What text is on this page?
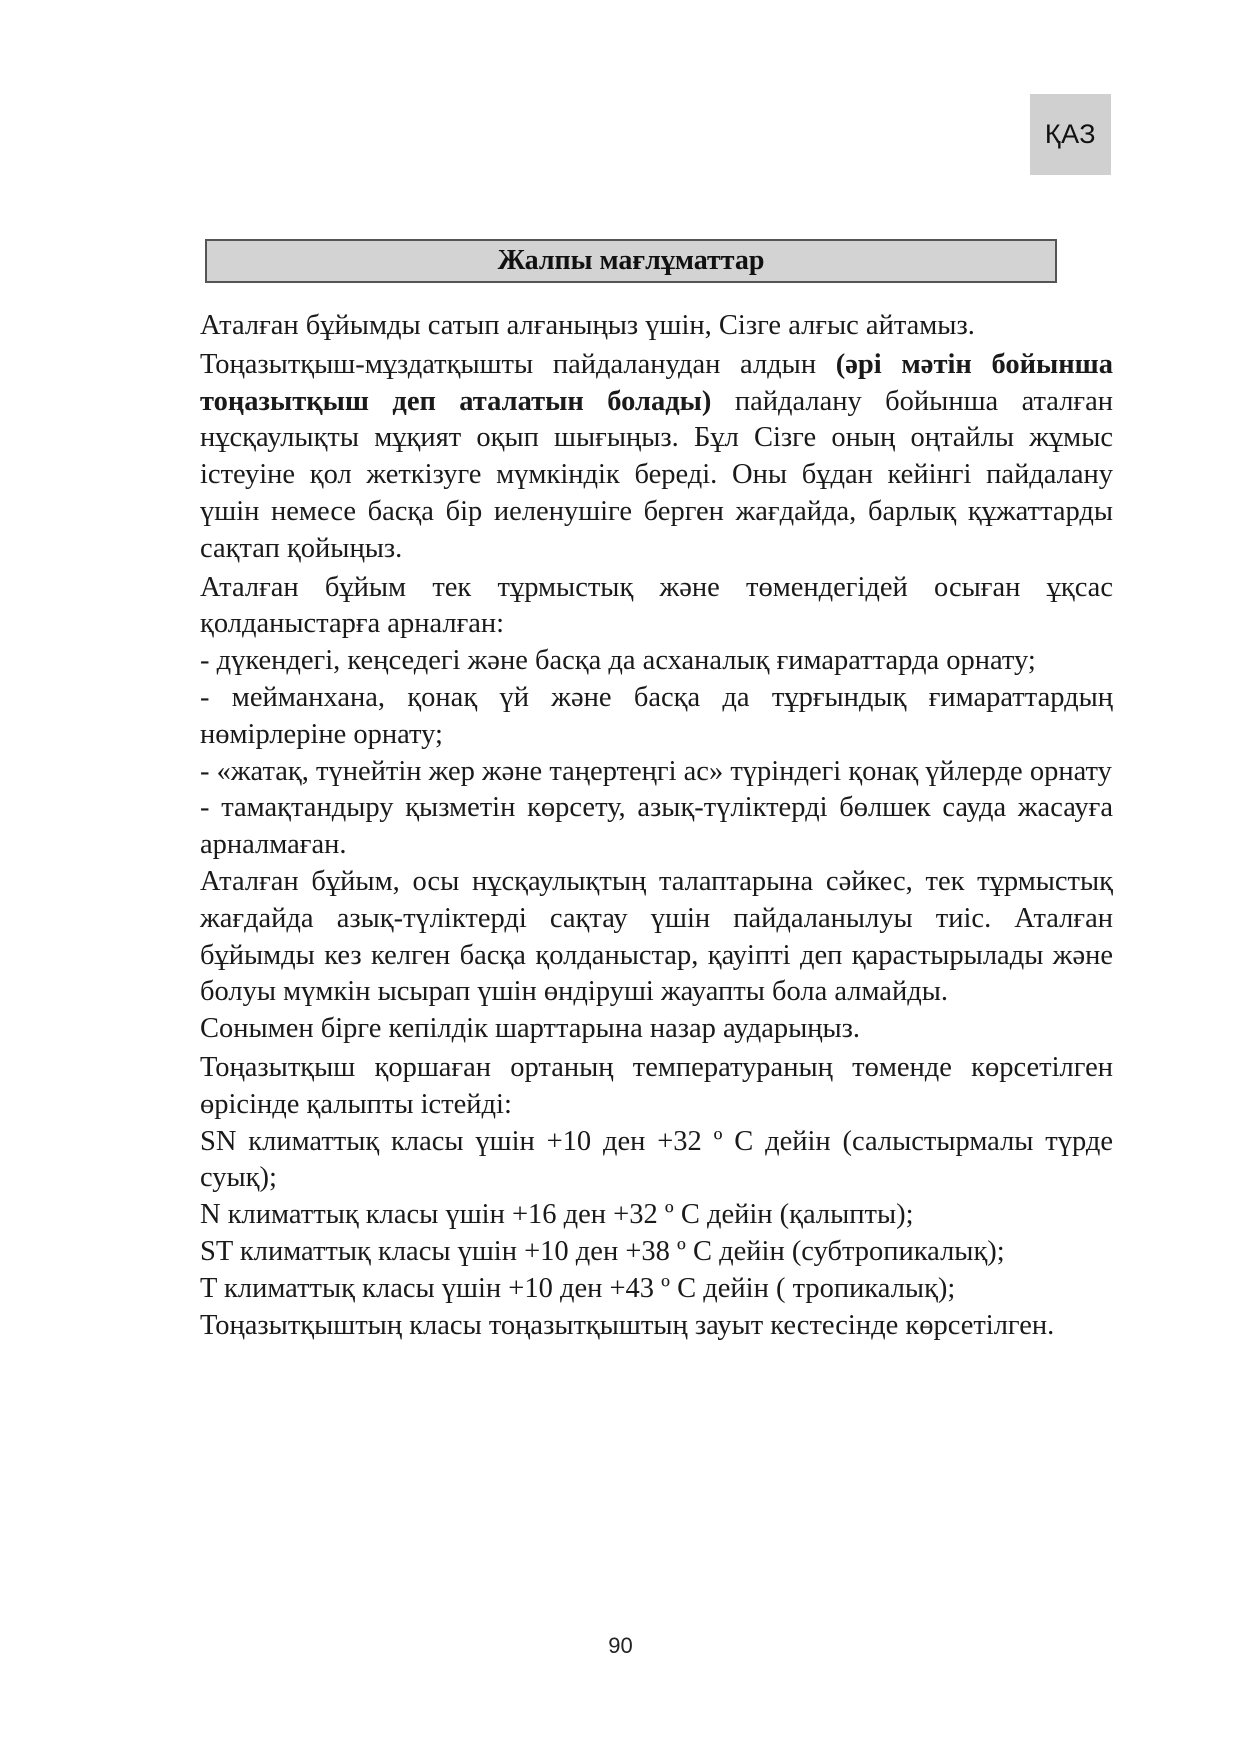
ҚАЗ
Жалпы мағлұматтар

Аталған бұйымды сатып алғаныңыз үшін, Сізге алғыс айтамыз.

Тоңазытқыш-мұздатқышты пайдаланудан алдын (әрі мәтін бойынша тоңазытқыш деп аталатын болады) пайдалану бойынша аталған нұсқаулықты мұқият оқып шығыңыз. Бұл Сізге оның оңтайлы жұмыс істеуіне қол жеткізуге мүмкіндік береді. Оны бұдан кейінгі пайдалану үшін немесе басқа бір иеленушіге берген жағдайда, барлық құжаттарды сақтап қойыңыз.

Аталған бұйым тек тұрмыстық және төмендегідей осыған ұқсас қолданыстарға арналған:

- дүкендегі, кеңседегі және басқа да асханалық ғимараттарда орнату;

- мейманхана, қонақ үй және басқа да тұрғындық ғимараттардың нөмірлеріне орнату;

- «жатақ, түнейтін жер және таңертеңгі ас» түріндегі қонақ үйлерде орнату

- тамақтандыру қызметін көрсету, азық-түліктерді бөлшек сауда жасауға арналмаған.

Аталған бұйым, осы нұсқаулықтың талаптарына сәйкес, тек тұрмыстық жағдайда азық-түліктерді сақтау үшін пайдаланылуы тиіс. Аталған бұйымды кез келген басқа қолданыстар, қауіпті деп қарастырылады және болуы мүмкін ысырап үшін өндіруші жауапты бола алмайды.

Сонымен бірге кепілдік шарттарына назар аударыңыз.

Тоңазытқыш қоршаған ортаның температураның төменде көрсетілген өрісінде қалыпты істейді:

SN климаттық класы үшін +10 ден +32 º C дейін (салыстырмалы түрде суық);

N климаттық класы үшін +16 ден +32 º C дейін (қалыпты);

ST климаттық класы үшін +10 ден +38 º C дейін (субтропикалық);

T климаттық класы үшін +10 ден +43 º C дейін ( тропикалық);

Тоңазытқыштың класы тоңазытқыштың зауыт кестесінде көрсетілген.

90
